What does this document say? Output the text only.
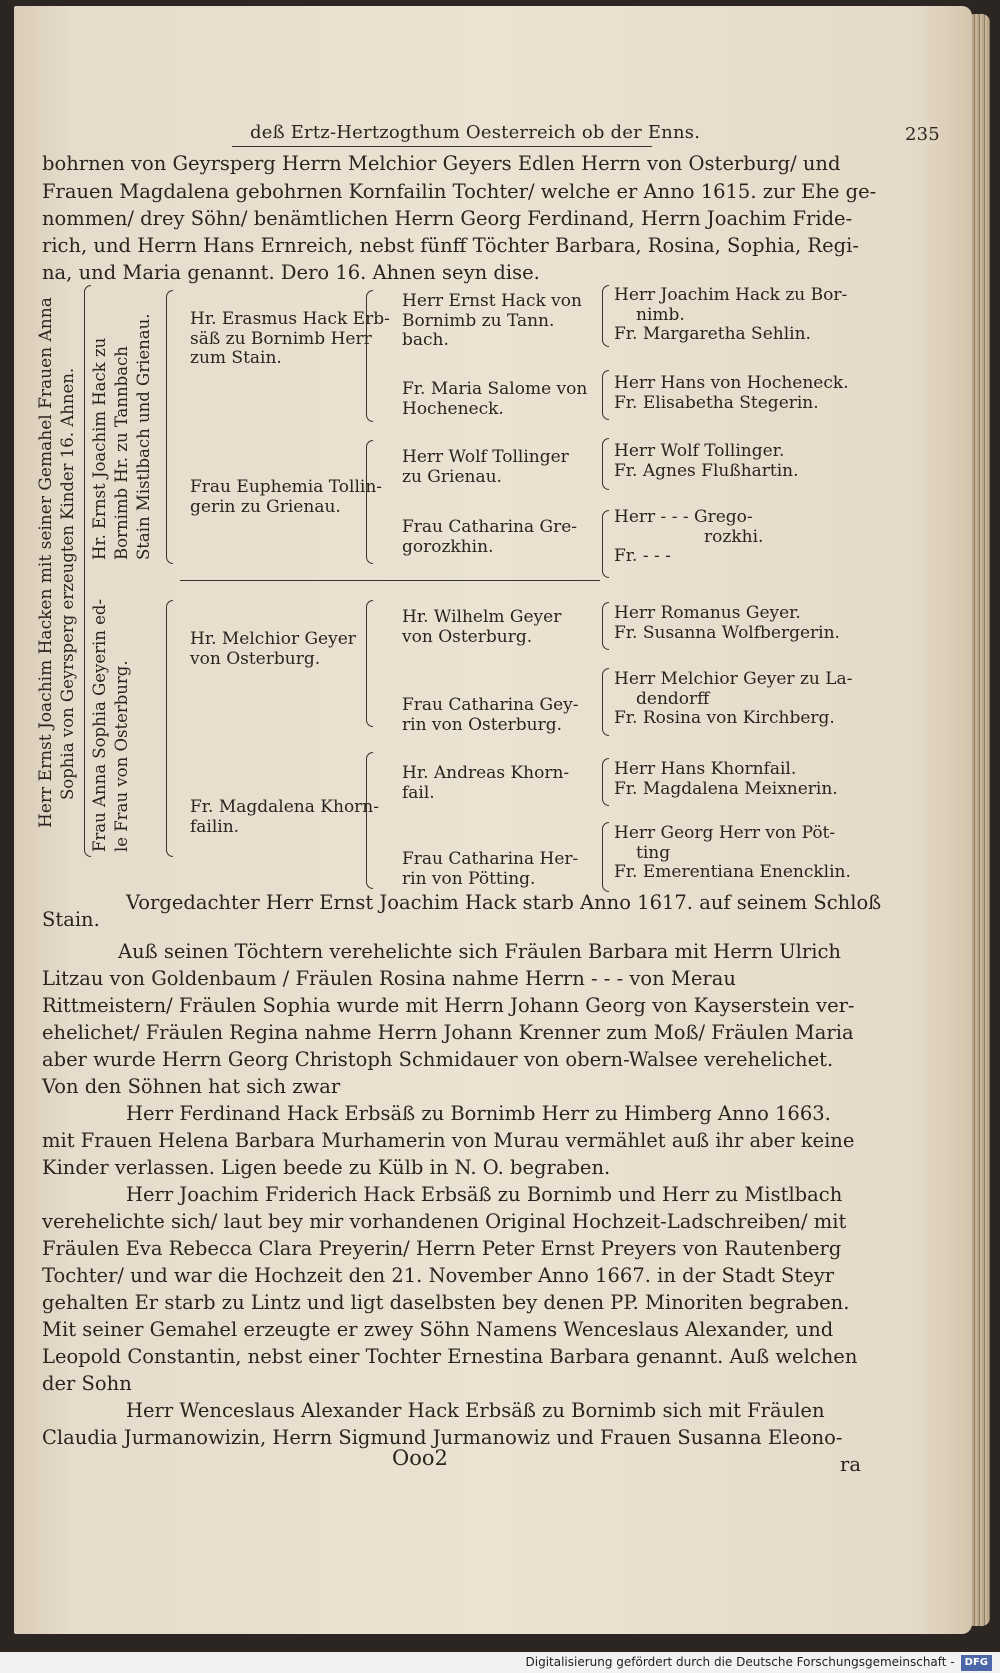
deß Ertz-Hertzogthum Oesterreich ob der Enns.	235
bohrnen von Geyrsperg Herrn Melchior Geyers Edlen Herrn von Osterburg/ und
Frauen Magdalena gebohrnen Kornfailin Tochter/ welche er Anno 1615. zur Ehe ge-
nommen/ drey Söhn/ benämtlichen Herrn Georg Ferdinand, Herrn Joachim Fride-
rich, und Herrn Hans Ernreich, nebst fünff Töchter Barbara, Rosina, Sophia, Regi-
na, und Maria genannt. Dero 16. Ahnen seyn dise.
Herr Ernst Joachim Hacken mit seiner Gemahel Frauen Anna Sophia von Geyrsperg erzeugten Kinder 16. Ahnen. Hr. Ernst Joachim Hack zu Bornimb Hr. zu Tannbach Stain Mistlbach und Grienau.
Frau Anna Sophia Geyerin ed- le Frau von Osterburg.
Hr. Erasmus Hack Erb-
säß zu Bornimb Herr
zum Stain.
Frau Euphemia Tollin-
gerin zu Grienau.
Hr. Melchior Geyer
von Osterburg.
Fr. Magdalena Khorn-
failin.
Herr Ernst Hack von
Bornimb zu Tann.
bach.
Fr. Maria Salome von
Hocheneck.
Herr Wolf Tollinger
zu Grienau.
Frau Catharina Gre-
gorozkhin.
Hr. Wilhelm Geyer
von Osterburg.
Frau Catharina Gey-
rin von Osterburg.
Hr. Andreas Khorn-
fail.
Frau Catharina Her-
rin von Pötting.
Herr Joachim Hack zu Bor-
nimb.
Fr. Margaretha Sehlin.
Herr Hans von Hocheneck.
Fr. Elisabetha Stegerin.
Herr Wolf Tollinger.
Fr. Agnes Flußhartin.
Herr - - - Grego-
rozkhi.
Fr. - - -
Herr Romanus Geyer.
Fr. Susanna Wolfbergerin.
Herr Melchior Geyer zu La-
dendorff
Fr. Rosina von Kirchberg.
Herr Hans Khornfail.
Fr. Magdalena Meixnerin.
Herr Georg Herr von Pöt-
ting
Fr. Emerentiana Enencklin.
Vorgedachter Herr Ernst Joachim Hack starb Anno 1617. auf seinem Schloß
Stain.
Auß seinen Töchtern verehelichte sich Fräulen Barbara mit Herrn Ulrich
Litzau von Goldenbaum / Fräulen Rosina nahme Herrn - - - von Merau
Rittmeistern/ Fräulen Sophia wurde mit Herrn Johann Georg von Kayserstein ver-
ehelichet/ Fräulen Regina nahme Herrn Johann Krenner zum Moß/ Fräulen Maria
aber wurde Herrn Georg Christoph Schmidauer von obern-Walsee verehelichet.
Von den Söhnen hat sich zwar
Herr Ferdinand Hack Erbsäß zu Bornimb Herr zu Himberg Anno 1663.
mit Frauen Helena Barbara Murhamerin von Murau vermählet auß ihr aber keine
Kinder verlassen. Ligen beede zu Külb in N. O. begraben.
Herr Joachim Friderich Hack Erbsäß zu Bornimb und Herr zu Mistlbach
verehelichte sich/ laut bey mir vorhandenen Original Hochzeit-Ladschreiben/ mit
Fräulen Eva Rebecca Clara Preyerin/ Herrn Peter Ernst Preyers von Rautenberg
Tochter/ und war die Hochzeit den 21. November Anno 1667. in der Stadt Steyr
gehalten Er starb zu Lintz und ligt daselbsten bey denen PP. Minoriten begraben.
Mit seiner Gemahel erzeugte er zwey Söhn Namens Wenceslaus Alexander, und
Leopold Constantin, nebst einer Tochter Ernestina Barbara genannt. Auß welchen
der Sohn
Herr Wenceslaus Alexander Hack Erbsäß zu Bornimb sich mit Fräulen
Claudia Jurmanowizin, Herrn Sigmund Jurmanowiz und Frauen Susanna Eleono-
ra
Ooo2
Digitalisierung gefördert durch die Deutsche Forschungsgemeinschaft - DFG
